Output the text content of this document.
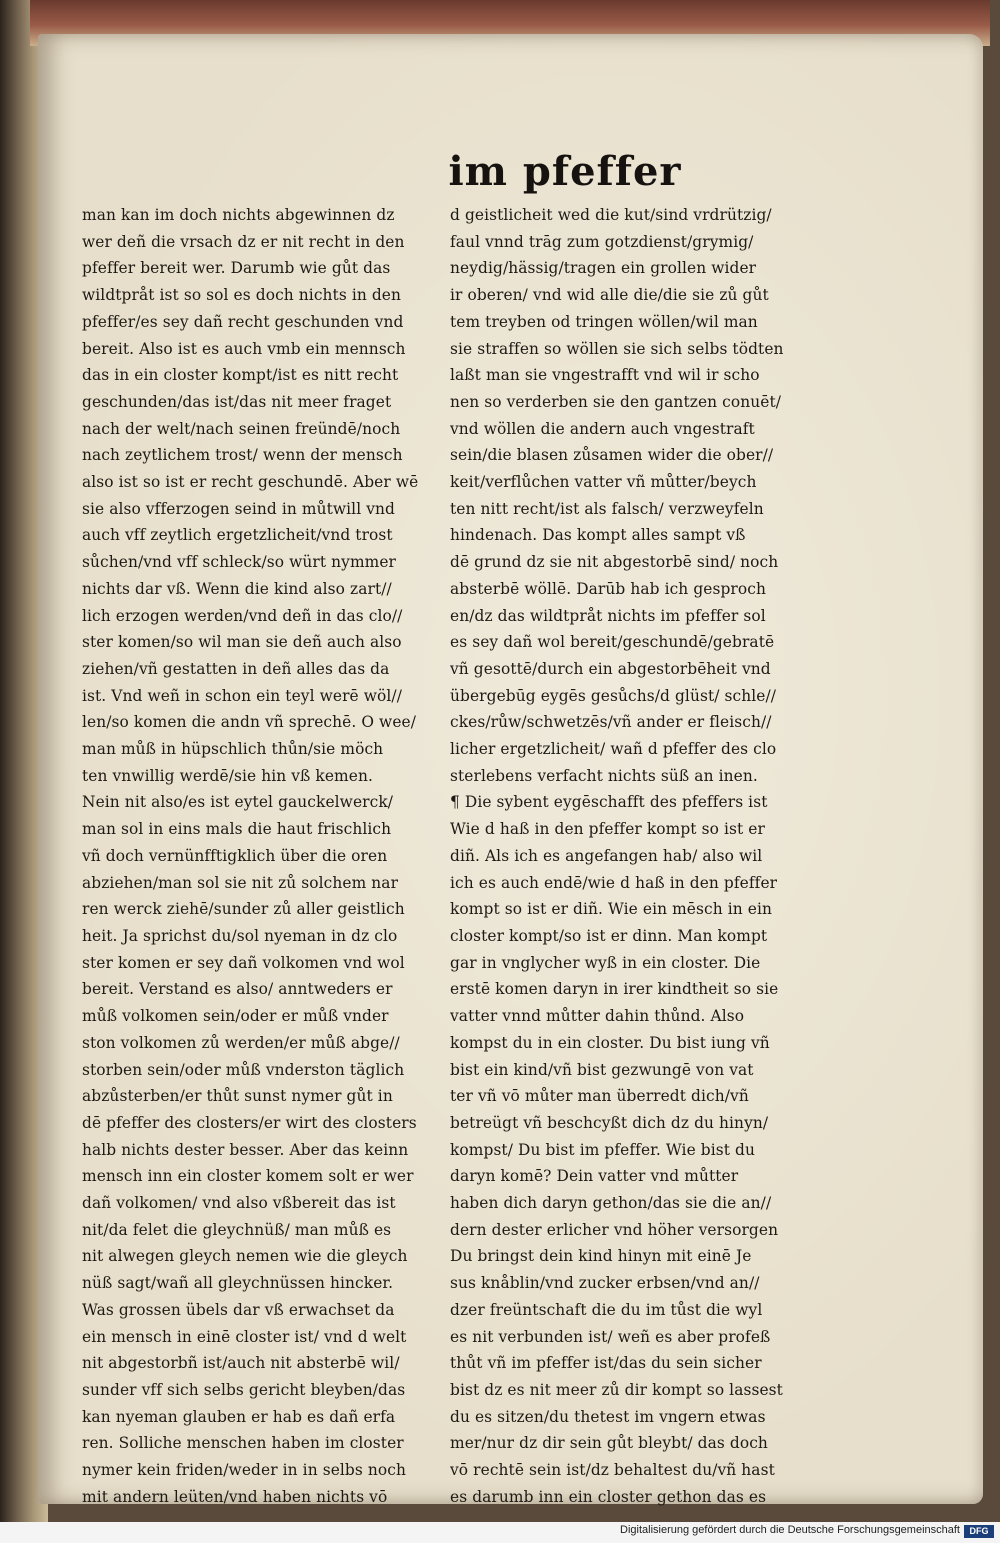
im pfeffer
man kan im doch nichts abgewinnen dz
wer deñ die vrsach dz er nit recht in den
pfeffer bereit wer. Darumb wie gůt das
wildtpråt ist so sol es doch nichts in den
pfeffer/es sey dañ recht geschunden vnd
bereit. Also ist es auch vmb ein mennsch
das in ein closter kompt/ist es nitt recht
geschunden/das ist/das nit meer fraget
nach der welt/nach seinen freündē/noch
nach zeytlichem trost/ wenn der mensch
also ist so ist er recht geschundē. Aber wē
sie also vfferzogen seind in můtwill vnd
auch vff zeytlich ergetzlicheit/vnd trost
sůchen/vnd vff schleck/so würt nymmer
nichts dar vß. Wenn die kind also zart//
lich erzogen werden/vnd deñ in das clo//
ster komen/so wil man sie deñ auch also
ziehen/vñ gestatten in deñ alles das da
ist. Vnd weñ in schon ein teyl werē wöl//
len/so komen die andn vñ sprechē. O wee/
man můß in hüpschlich thůn/sie möch
ten vnwillig werdē/sie hin vß kemen.
Nein nit also/es ist eytel gauckelwerck/
man sol in eins mals die haut frischlich
vñ doch vernünfftigklich über die oren
abziehen/man sol sie nit zů solchem nar
ren werck ziehē/sunder zů aller geistlich
heit. Ja sprichst du/sol nyeman in dz clo
ster komen er sey dañ volkomen vnd wol
bereit. Verstand es also/ anntweders er
můß volkomen sein/oder er můß vnder
ston volkomen zů werden/er můß abge//
storben sein/oder můß vnderston täglich
abzůsterben/er thůt sunst nymer gůt in
dē pfeffer des closters/er wirt des closters
halb nichts dester besser. Aber das keinn
mensch inn ein closter komem solt er wer
dañ volkomen/ vnd also vßbereit das ist
nit/da felet die gleychnüß/ man můß es
nit alwegen gleych nemen wie die gleych
nüß sagt/wañ all gleychnüssen hincker.
Was grossen übels dar vß erwachset da
ein mensch in einē closter ist/ vnd d welt
nit abgestorbñ ist/auch nit absterbē wil/
sunder vff sich selbs gericht bleyben/das
kan nyeman glauben er hab es dañ erfa
ren. Solliche menschen haben im closter
nymer kein friden/weder in in selbs noch
mit andern leüten/vnd haben nichts vō
d geistlicheit wed die kut/sind vrdrützig/
faul vnnd trāg zum gotzdienst/grymig/
neydig/hässig/tragen ein grollen wider
ir oberen/ vnd wid alle die/die sie zů gůt
tem treyben od tringen wöllen/wil man
sie straffen so wöllen sie sich selbs tödten
laßt man sie vngestrafft vnd wil ir scho
nen so verderben sie den gantzen conuēt/
vnd wöllen die andern auch vngestraft
sein/die blasen zůsamen wider die ober//
keit/verflůchen vatter vñ můtter/beych
ten nitt recht/ist als falsch/ verzweyfeln
hindenach. Das kompt alles sampt vß
dē grund dz sie nit abgestorbē sind/ noch
absterbē wöllē. Darūb hab ich gesproch
en/dz das wildtpråt nichts im pfeffer sol
es sey dañ wol bereit/geschundē/gebratē
vñ gesottē/durch ein abgestorbēheit vnd
übergebūg eygēs gesůchs/d glüst/ schle//
ckes/růw/schwetzēs/vñ ander er fleisch//
licher ergetzlicheit/ wañ d pfeffer des clo
sterlebens verfacht nichts süß an inen.
¶ Die sybent eygēschafft des pfeffers ist
Wie d haß in den pfeffer kompt so ist er
diñ. Als ich es angefangen hab/ also wil
ich es auch endē/wie d haß in den pfeffer
kompt so ist er diñ. Wie ein mēsch in ein
closter kompt/so ist er dinn. Man kompt
gar in vnglycher wyß in ein closter. Die
erstē komen daryn in irer kindtheit so sie
vatter vnnd můtter dahin thůnd. Also
kompst du in ein closter. Du bist iung vñ
bist ein kind/vñ bist gezwungē von vat
ter vñ vō můter man überredt dich/vñ
betreügt vñ beschcyßt dich dz du hinyn/
kompst/ Du bist im pfeffer. Wie bist du
daryn komē? Dein vatter vnd můtter
haben dich daryn gethon/das sie die an//
dern dester erlicher vnd höher versorgen
Du bringst dein kind hinyn mit einē Je
sus knåblin/vnd zucker erbsen/vnd an//
dzer freüntschaft die du im tůst die wyl
es nit verbunden ist/ weñ es aber profeß
thůt vñ im pfeffer ist/das du sein sicher
bist dz es nit meer zů dir kompt so lassest
du es sitzen/du thetest im vngern etwas
mer/nur dz dir sein gůt bleybt/ das doch
vō rechtē sein ist/dz behaltest du/vñ hast
es darumb inn ein closter gethon das es
Digitalisierung gefördert durch die Deutsche Forschungsgemeinschaft	DFG
